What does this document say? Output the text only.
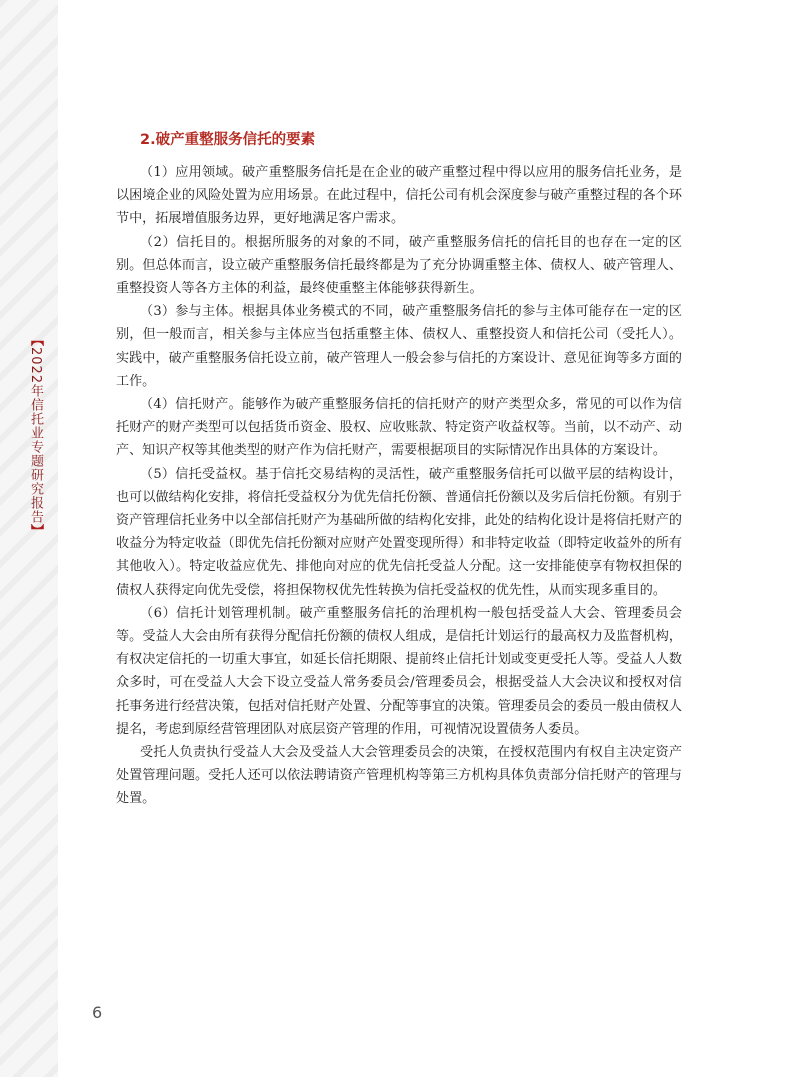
【2022年信托业专题研究报告】
2.破产重整服务信托的要素

（1）应用领域。破产重整服务信托是在企业的破产重整过程中得以应用的服务信托业务，是以困境企业的风险处置为应用场景。在此过程中，信托公司有机会深度参与破产重整过程的各个环节中，拓展增值服务边界，更好地满足客户需求。

（2）信托目的。根据所服务的对象的不同，破产重整服务信托的信托目的也存在一定的区别。但总体而言，设立破产重整服务信托最终都是为了充分协调重整主体、债权人、破产管理人、重整投资人等各方主体的利益，最终使重整主体能够获得新生。

（3）参与主体。根据具体业务模式的不同，破产重整服务信托的参与主体可能存在一定的区别，但一般而言，相关参与主体应当包括重整主体、债权人、重整投资人和信托公司（受托人）。实践中，破产重整服务信托设立前，破产管理人一般会参与信托的方案设计、意见征询等多方面的工作。

（4）信托财产。能够作为破产重整服务信托的信托财产的财产类型众多，常见的可以作为信托财产的财产类型可以包括货币资金、股权、应收账款、特定资产收益权等。当前，以不动产、动产、知识产权等其他类型的财产作为信托财产，需要根据项目的实际情况作出具体的方案设计。

（5）信托受益权。基于信托交易结构的灵活性，破产重整服务信托可以做平层的结构设计，也可以做结构化安排，将信托受益权分为优先信托份额、普通信托份额以及劣后信托份额。有别于资产管理信托业务中以全部信托财产为基础所做的结构化安排，此处的结构化设计是将信托财产的收益分为特定收益（即优先信托份额对应财产处置变现所得）和非特定收益（即特定收益外的所有其他收入）。特定收益应优先、排他向对应的优先信托受益人分配。这一安排能使享有物权担保的债权人获得定向优先受偿，将担保物权优先性转换为信托受益权的优先性，从而实现多重目的。

（6）信托计划管理机制。破产重整服务信托的治理机构一般包括受益人大会、管理委员会等。受益人大会由所有获得分配信托份额的债权人组成，是信托计划运行的最高权力及监督机构，有权决定信托的一切重大事宜，如延长信托期限、提前终止信托计划或变更受托人等。受益人人数众多时，可在受益人大会下设立受益人常务委员会/管理委员会，根据受益人大会决议和授权对信托事务进行经营决策，包括对信托财产处置、分配等事宜的决策。管理委员会的委员一般由债权人提名，考虑到原经营管理团队对底层资产管理的作用，可视情况设置债务人委员。

受托人负责执行受益人大会及受益人大会管理委员会的决策，在授权范围内有权自主决定资产处置管理问题。受托人还可以依法聘请资产管理机构等第三方机构具体负责部分信托财产的管理与处置。

6
